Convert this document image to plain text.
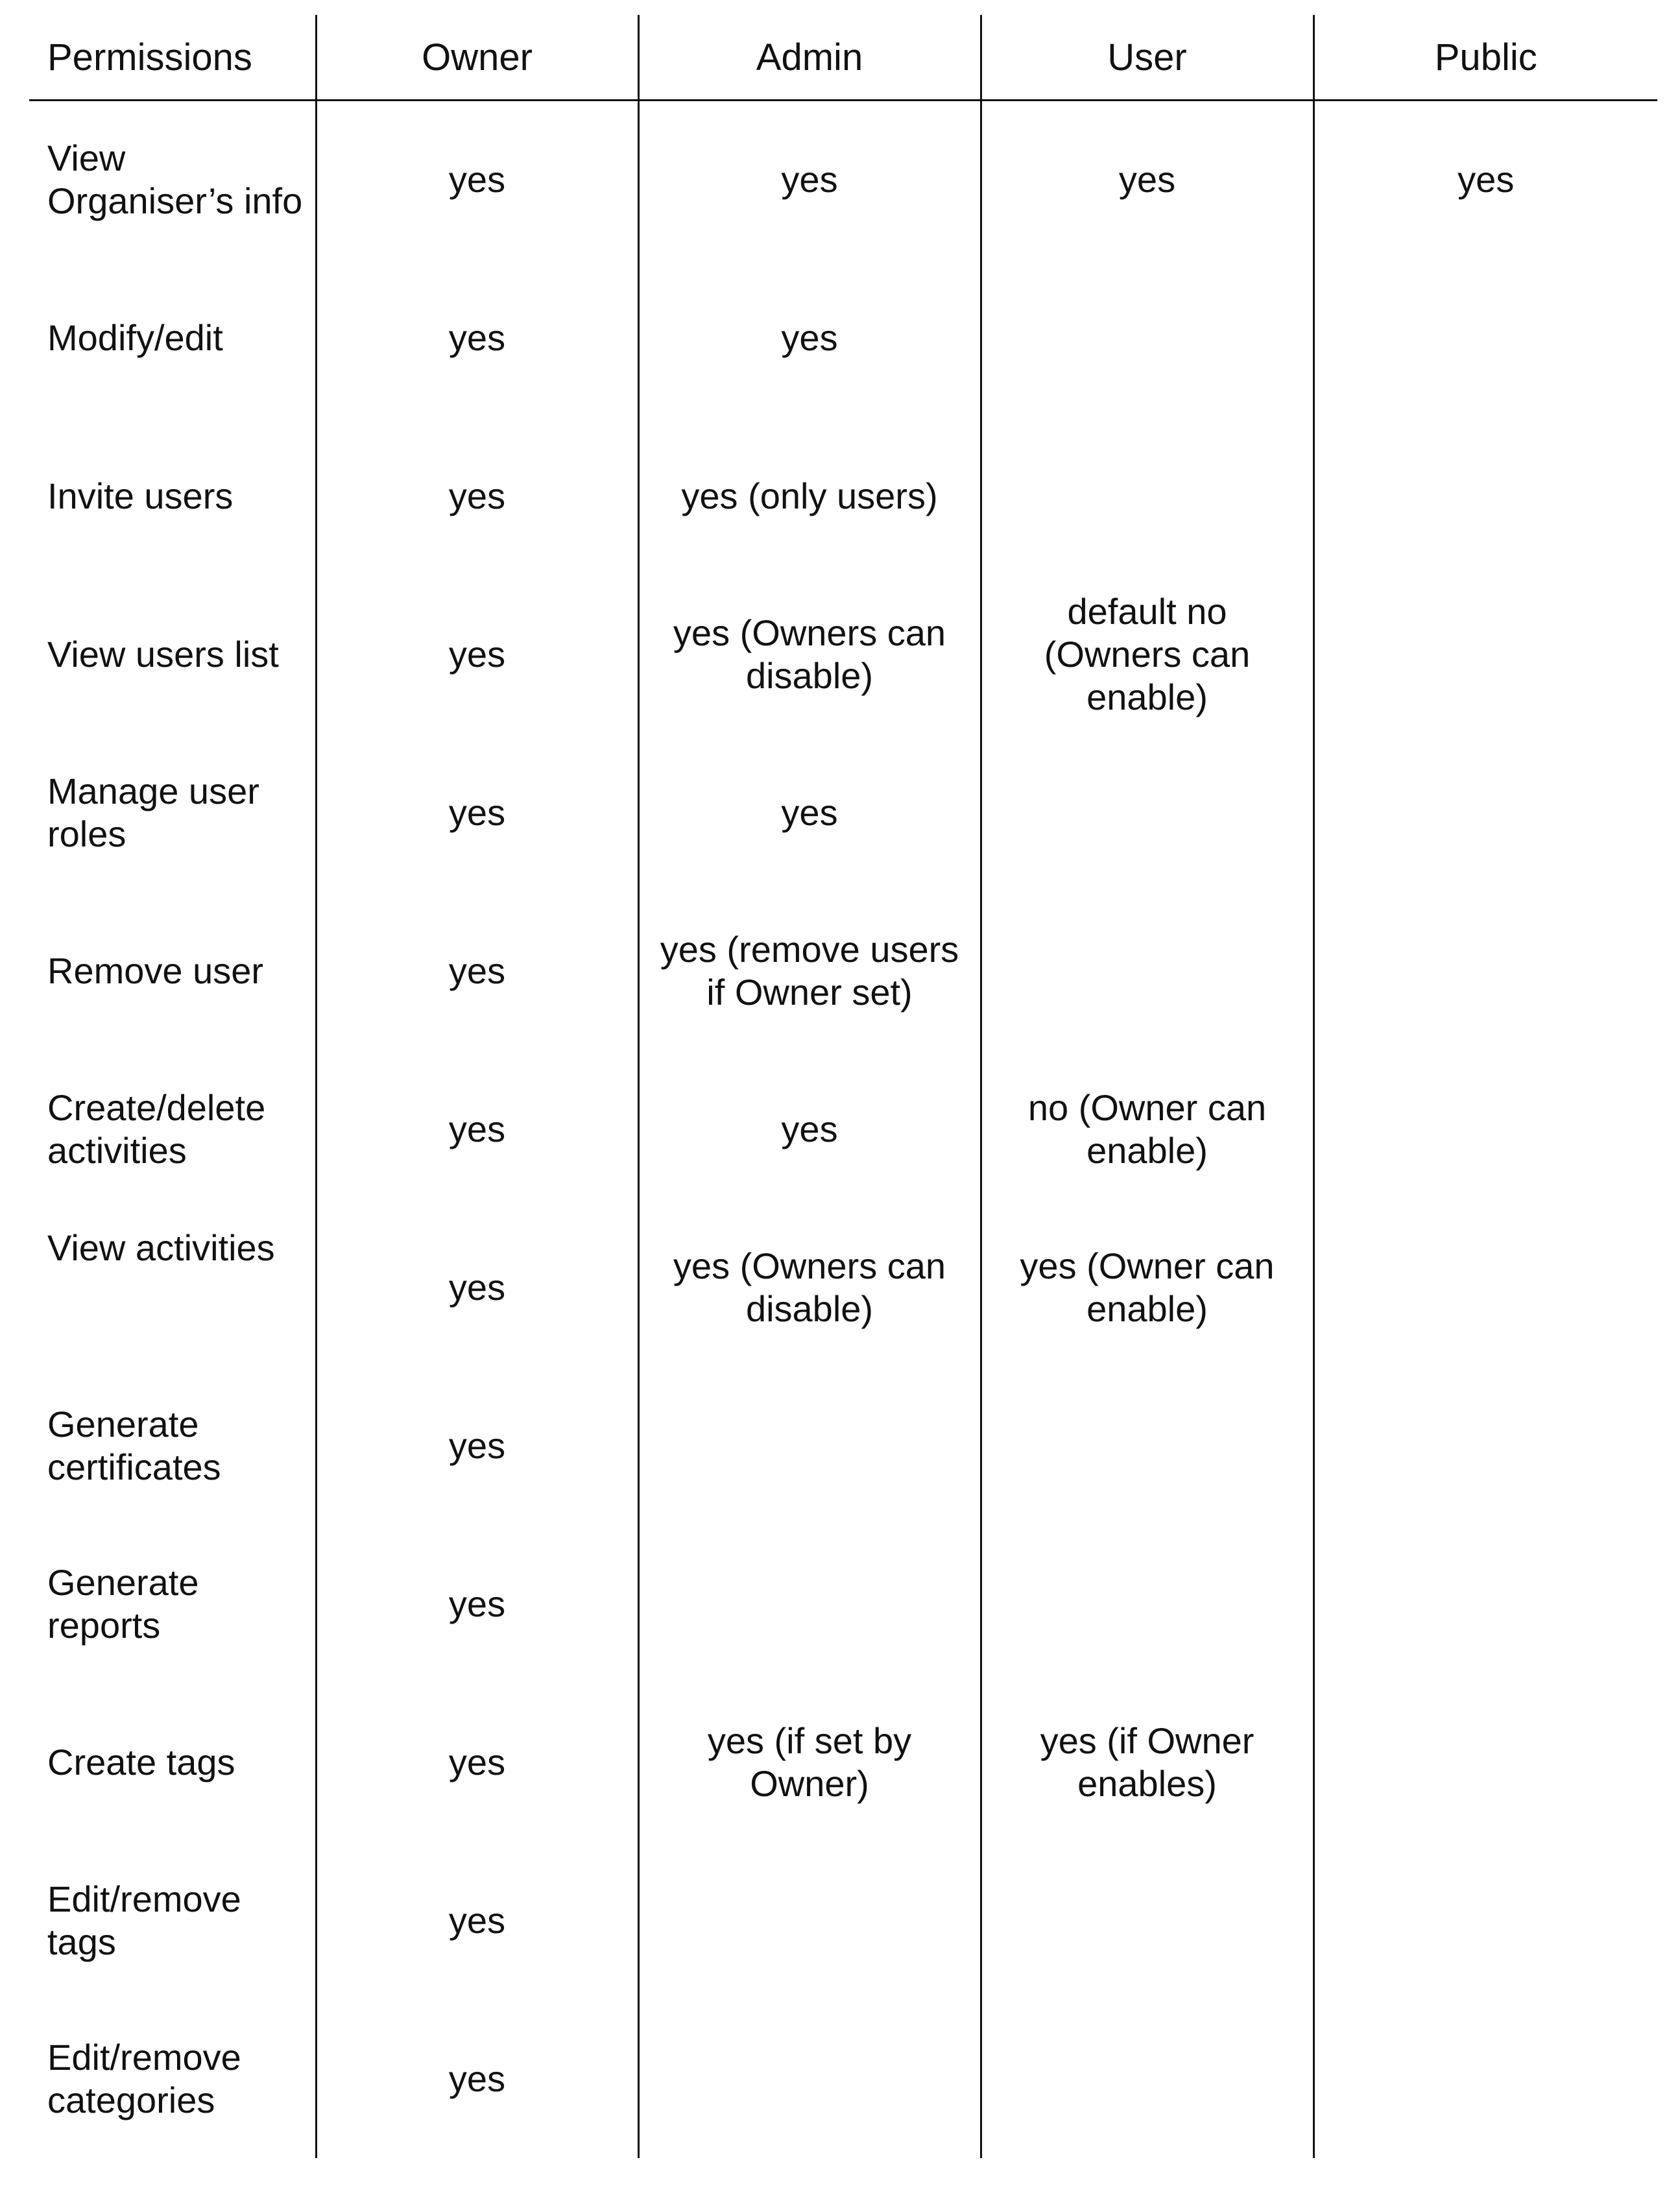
Permissions	Owner	Admin	User	Public
View Organiser’s info	yes	yes	yes	yes
Modify/edit	yes	yes		
Invite users	yes	yes (only users)		
View users list	yes	yes (Owners can disable)	default no (Owners can enable)	
Manage user roles	yes	yes		
Remove user	yes	yes (remove users if Owner set)		
Create/delete activities	yes	yes	no (Owner can enable)	
View activities	yes	yes (Owners can disable)	yes (Owner can enable)	
Generate certificates	yes			
Generate reports	yes			
Create tags	yes	yes (if set by Owner)	yes (if Owner enables)	
Edit/remove tags	yes			
Edit/remove categories	yes			
